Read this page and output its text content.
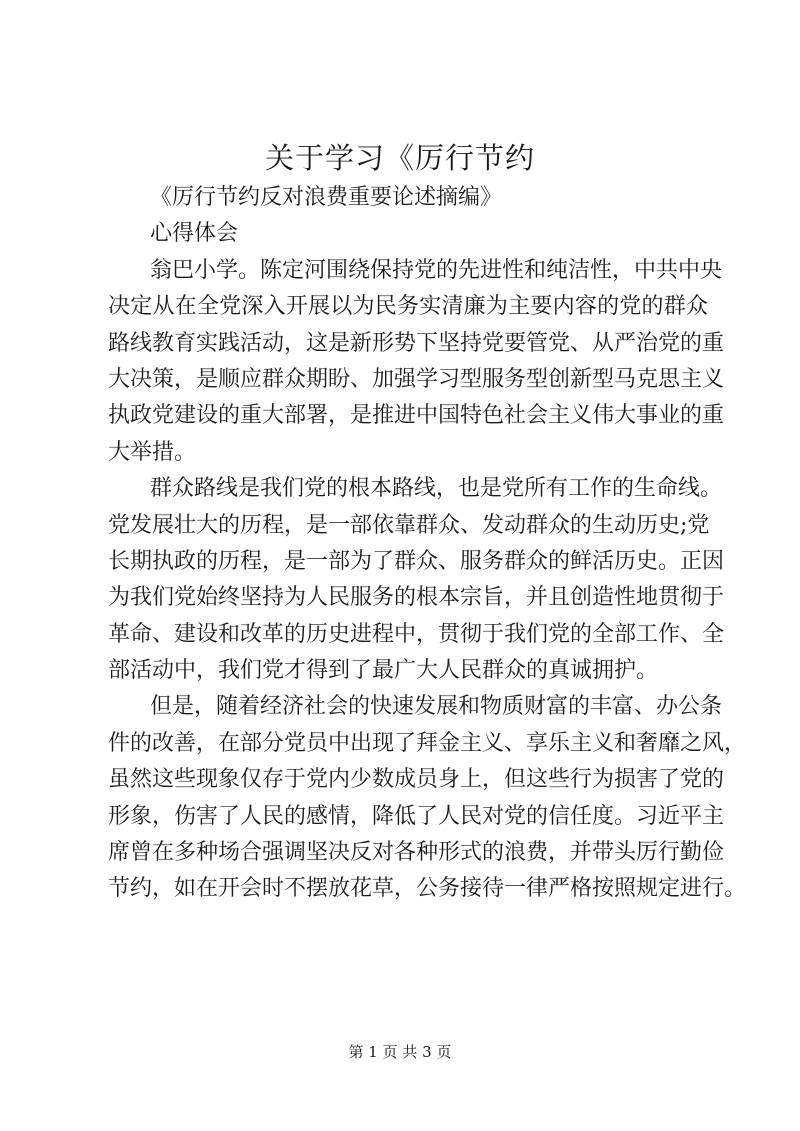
关于学习《厉行节约
《厉行节约反对浪费重要论述摘编》
心得体会
翁巴小学。陈定河围绕保持党的先进性和纯洁性，中共中央
决定从在全党深入开展以为民务实清廉为主要内容的党的群众
路线教育实践活动，这是新形势下坚持党要管党、从严治党的重
大决策，是顺应群众期盼、加强学习型服务型创新型马克思主义
执政党建设的重大部署，是推进中国特色社会主义伟大事业的重
大举措。
群众路线是我们党的根本路线，也是党所有工作的生命线。
党发展壮大的历程，是一部依靠群众、发动群众的生动历史;党
长期执政的历程，是一部为了群众、服务群众的鲜活历史。正因
为我们党始终坚持为人民服务的根本宗旨，并且创造性地贯彻于
革命、建设和改革的历史进程中，贯彻于我们党的全部工作、全
部活动中，我们党才得到了最广大人民群众的真诚拥护。
但是，随着经济社会的快速发展和物质财富的丰富、办公条
件的改善，在部分党员中出现了拜金主义、享乐主义和奢靡之风，
虽然这些现象仅存于党内少数成员身上，但这些行为损害了党的
形象，伤害了人民的感情，降低了人民对党的信任度。习近平主
席曾在多种场合强调坚决反对各种形式的浪费，并带头厉行勤俭
节约，如在开会时不摆放花草，公务接待一律严格按照规定进行。
第 1 页 共 3 页
